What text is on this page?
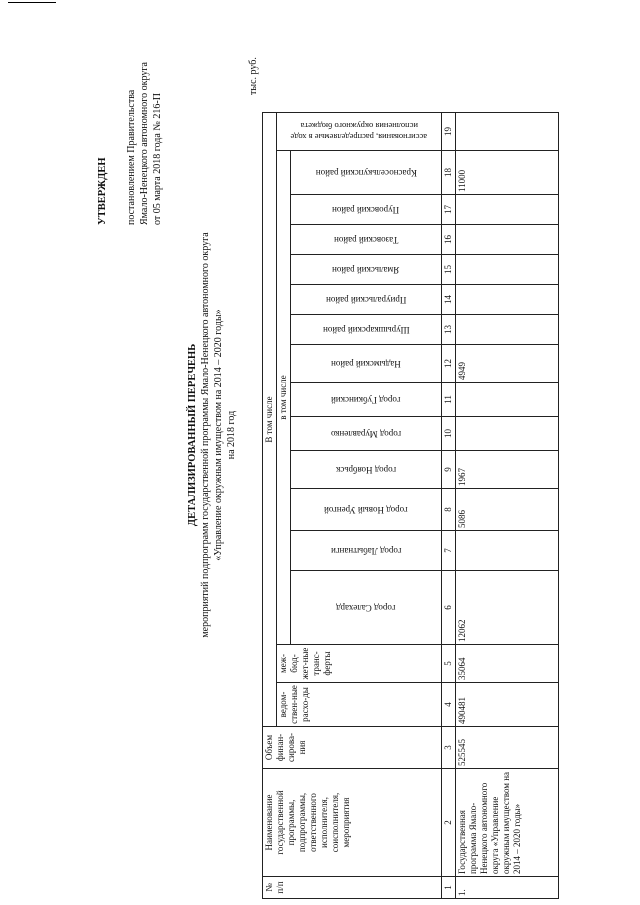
УТВЕРЖДЕН постановлением Правительства Ямало-Ненецкого автономного округа от 05 марта 2018 года № 216-П
ДЕТАЛИЗИРОВАННЫЙ ПЕРЕЧЕНЬ мероприятий подпрограмм государственной программы Ямало-Ненецкого автономного округа «Управление окружным имуществом на 2014 – 2020 годы» на 2018 год
тыс. руб.
№ п/п	Наименование государственной программы, подпрограммы, ответственного исполнителя, соисполнителя, мероприятия	Объем финан-сирова-ния	В том числе															
			ведом-ствен-ные расхо-ды	меж-бюд-жет-ные транс-ферты	в том числе													ассигнования, распределяемые в ходе исполнения окружного бюджета

					город Салехард	город Лабытнанги	город Новый Уренгой	город Ноябрьск	город Муравленко	город Губкинский	Надымский район	Шурышкарский район	Приуральский район	Ямальский район	Тазовский район	Пуровский район	Красноселькупский район	

1	2	3	4	5	6	7	8	9	10	11	12	13	14	15	16	17	18	19
1.	Государственная программа Ямало-Ненецкого автономного округа «Управление окружным имуществом на 2014 – 2020 годы»	525545	490481	35064	12062		5086	1967			4949						11000	
